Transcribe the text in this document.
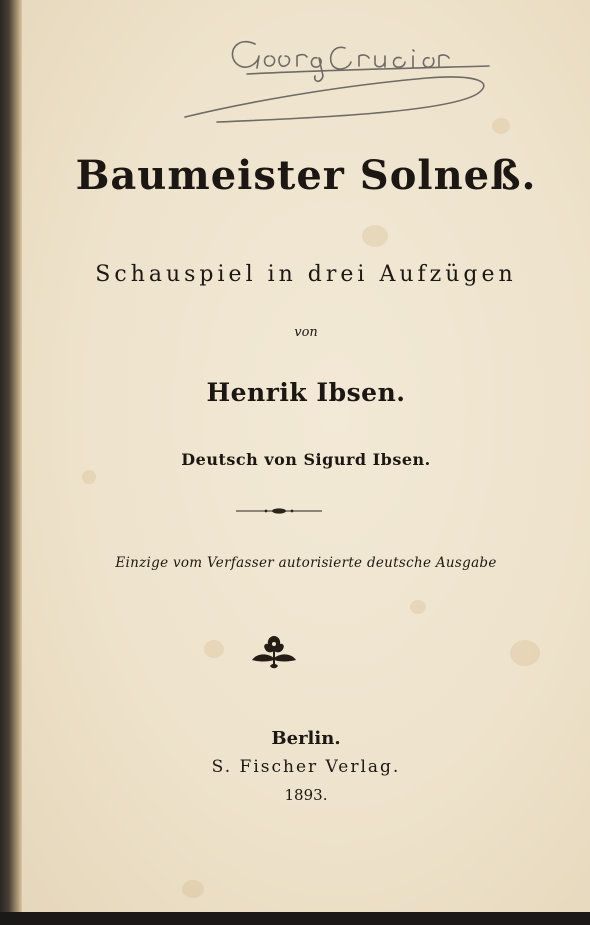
Baumeister Solneß.
Schauspiel in drei Aufzügen
von
Henrik Ibsen.
Deutsch von Sigurd Ibsen.
Einzige vom Verfasser autorisierte deutsche Ausgabe
Berlin.
S. Fischer Verlag.
1893.
